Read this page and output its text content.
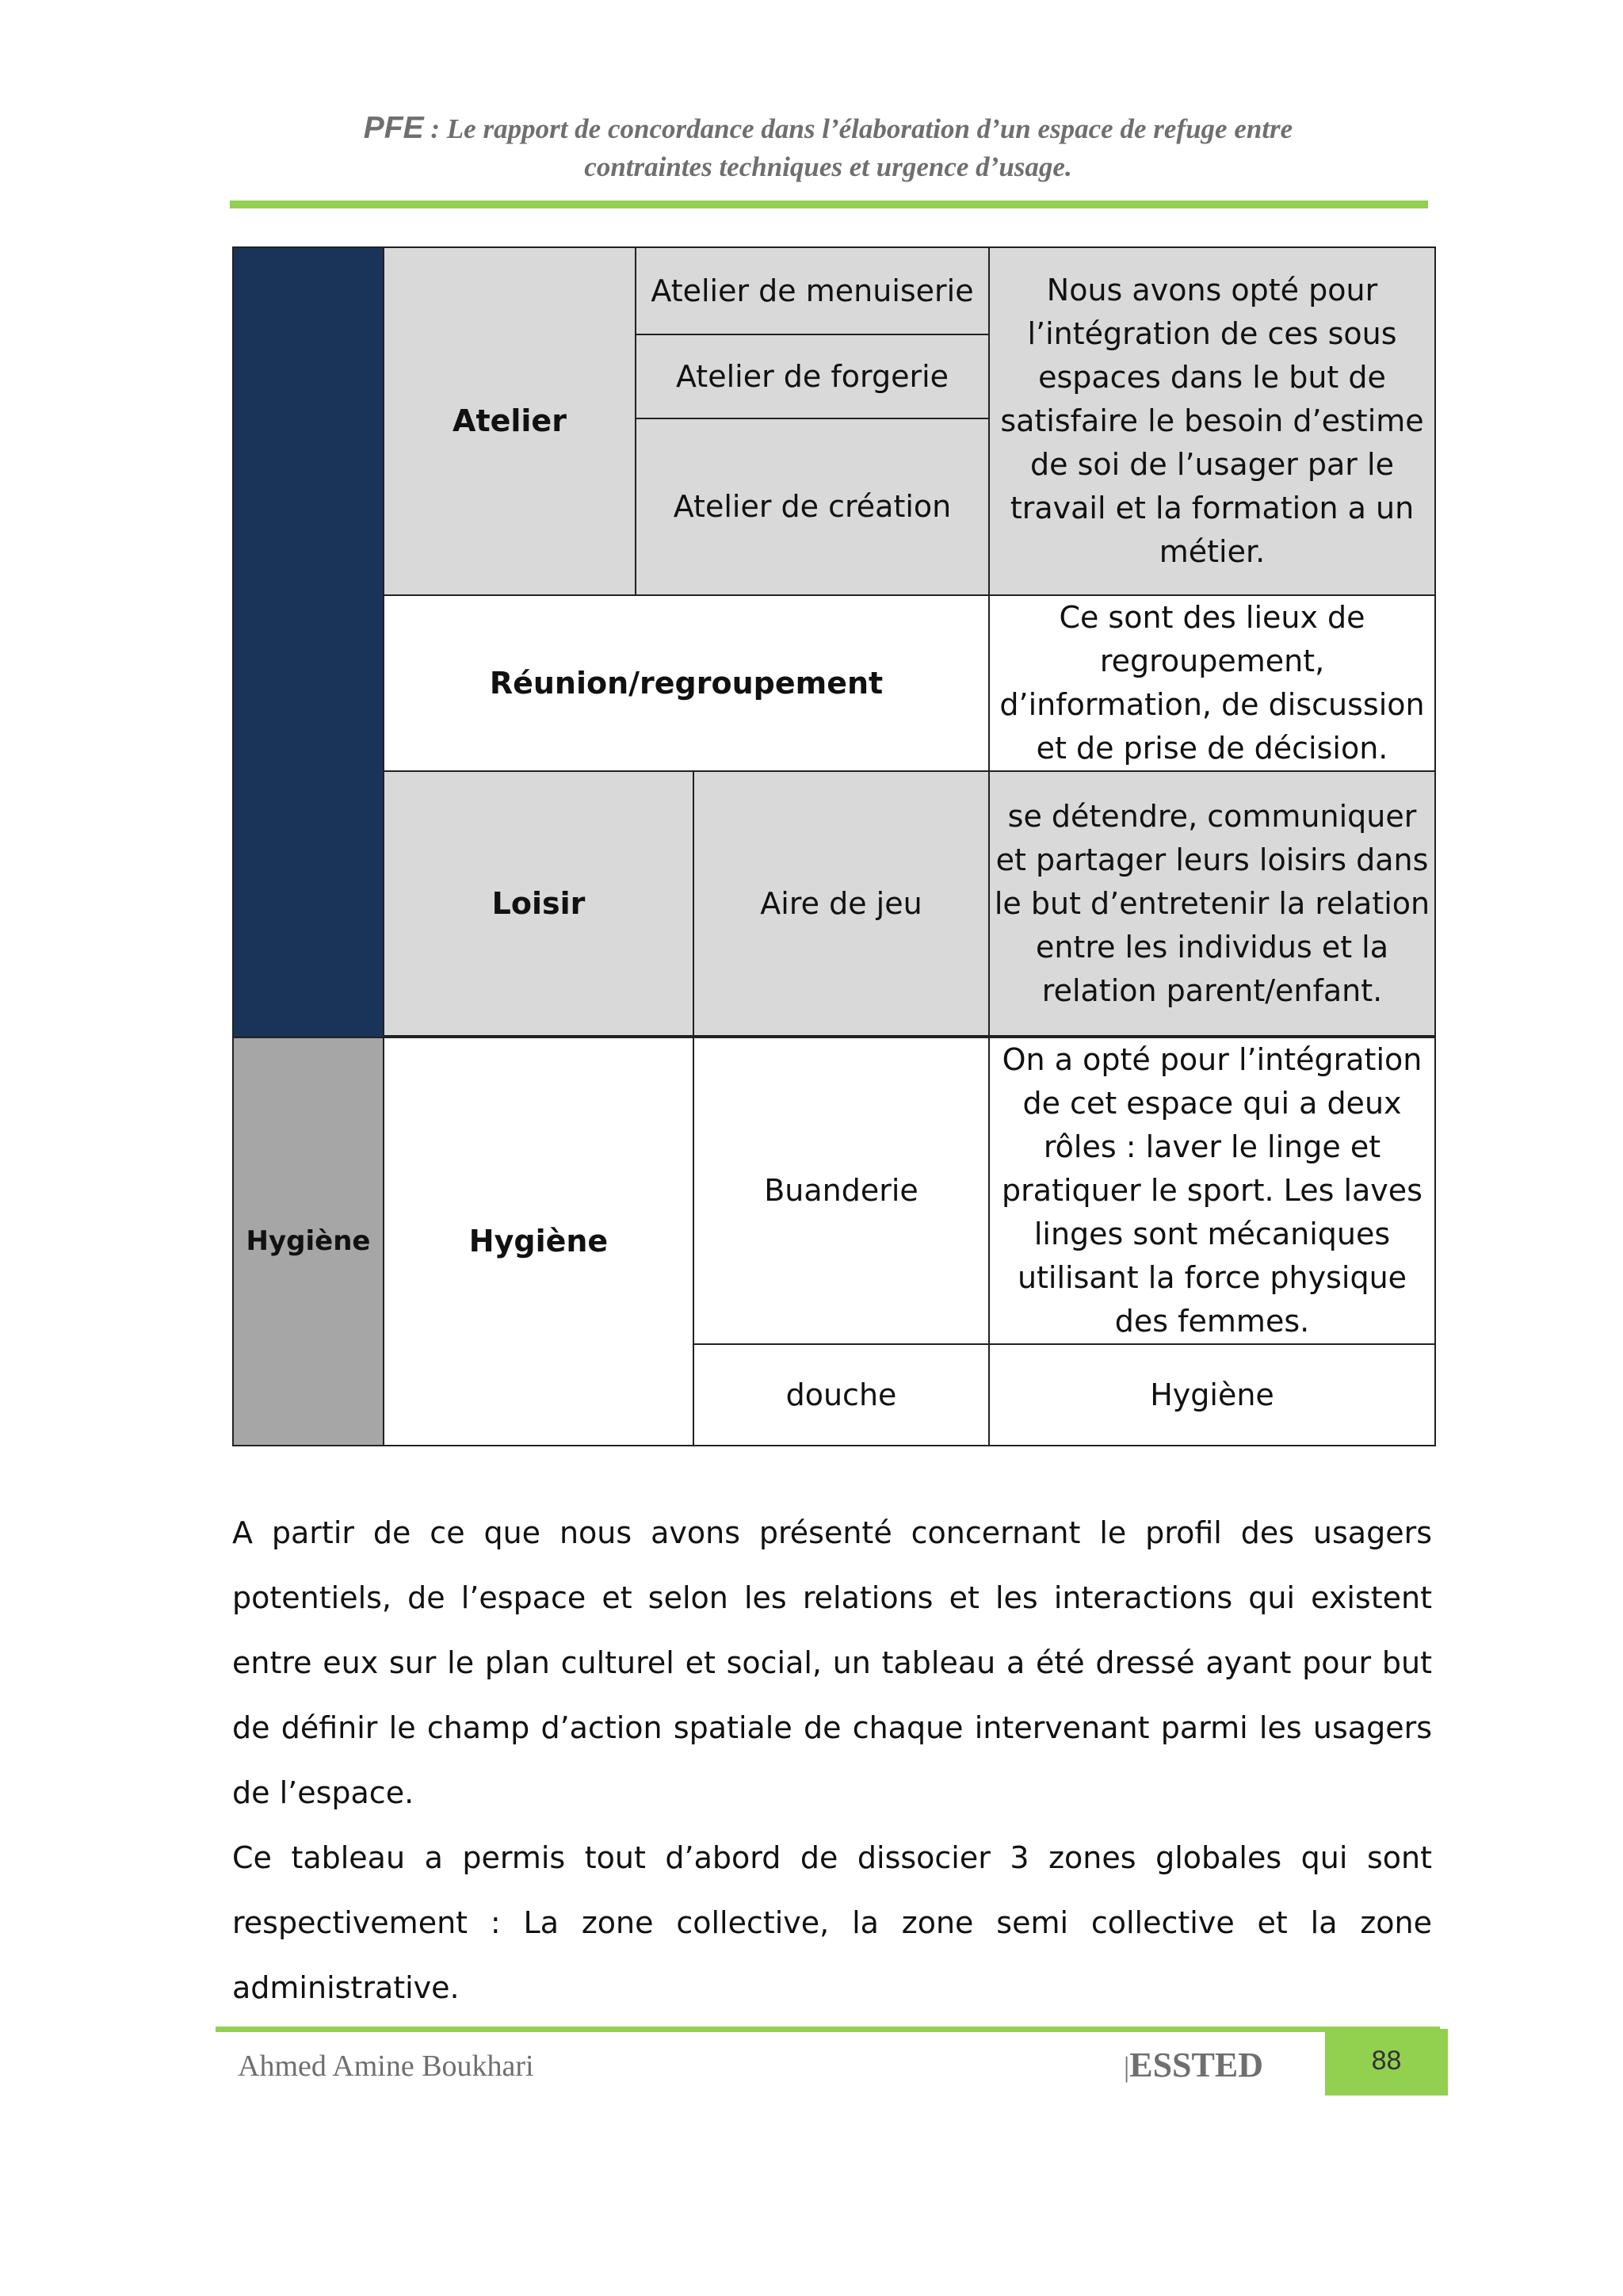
PFE : Le rapport de concordance dans l’élaboration d’un espace de refuge entre
contraintes techniques et urgence d’usage.
	Atelier	Atelier de menuiserie		Nous avons opté pour l’intégration de ces sous espaces dans le but de satisfaire le besoin d’estime de soi de l’usager par le travail et la formation a un métier.
		Atelier de forgerie		
		Atelier de création		
	Réunion/regroupement			Ce sont des lieux de regroupement, d’information, de discussion et de prise de décision.
	Loisir		Aire de jeu	se détendre, communiquer et partager leurs loisirs dans le but d’entretenir la relation entre les individus et la relation parent/enfant.

Hygiène	Hygiène		Buanderie	On a opté pour l’intégration de cet espace qui a deux rôles : laver le linge et pratiquer le sport. Les laves linges sont mécaniques utilisant la force physique des femmes.
			douche	Hygiène

A partir de ce que nous avons présenté concernant le profil des usagers potentiels, de l’espace et selon les relations et les interactions qui existent entre eux sur le plan culturel et social, un tableau a été dressé ayant pour but de définir le champ d’action spatiale de chaque intervenant parmi les usagers de l’espace.

Ce tableau a permis tout d’abord de dissocier 3 zones globales qui sont respectivement : La zone collective, la zone semi collective et la zone administrative.

Ahmed Amine Boukhari	|ESSTED	88
